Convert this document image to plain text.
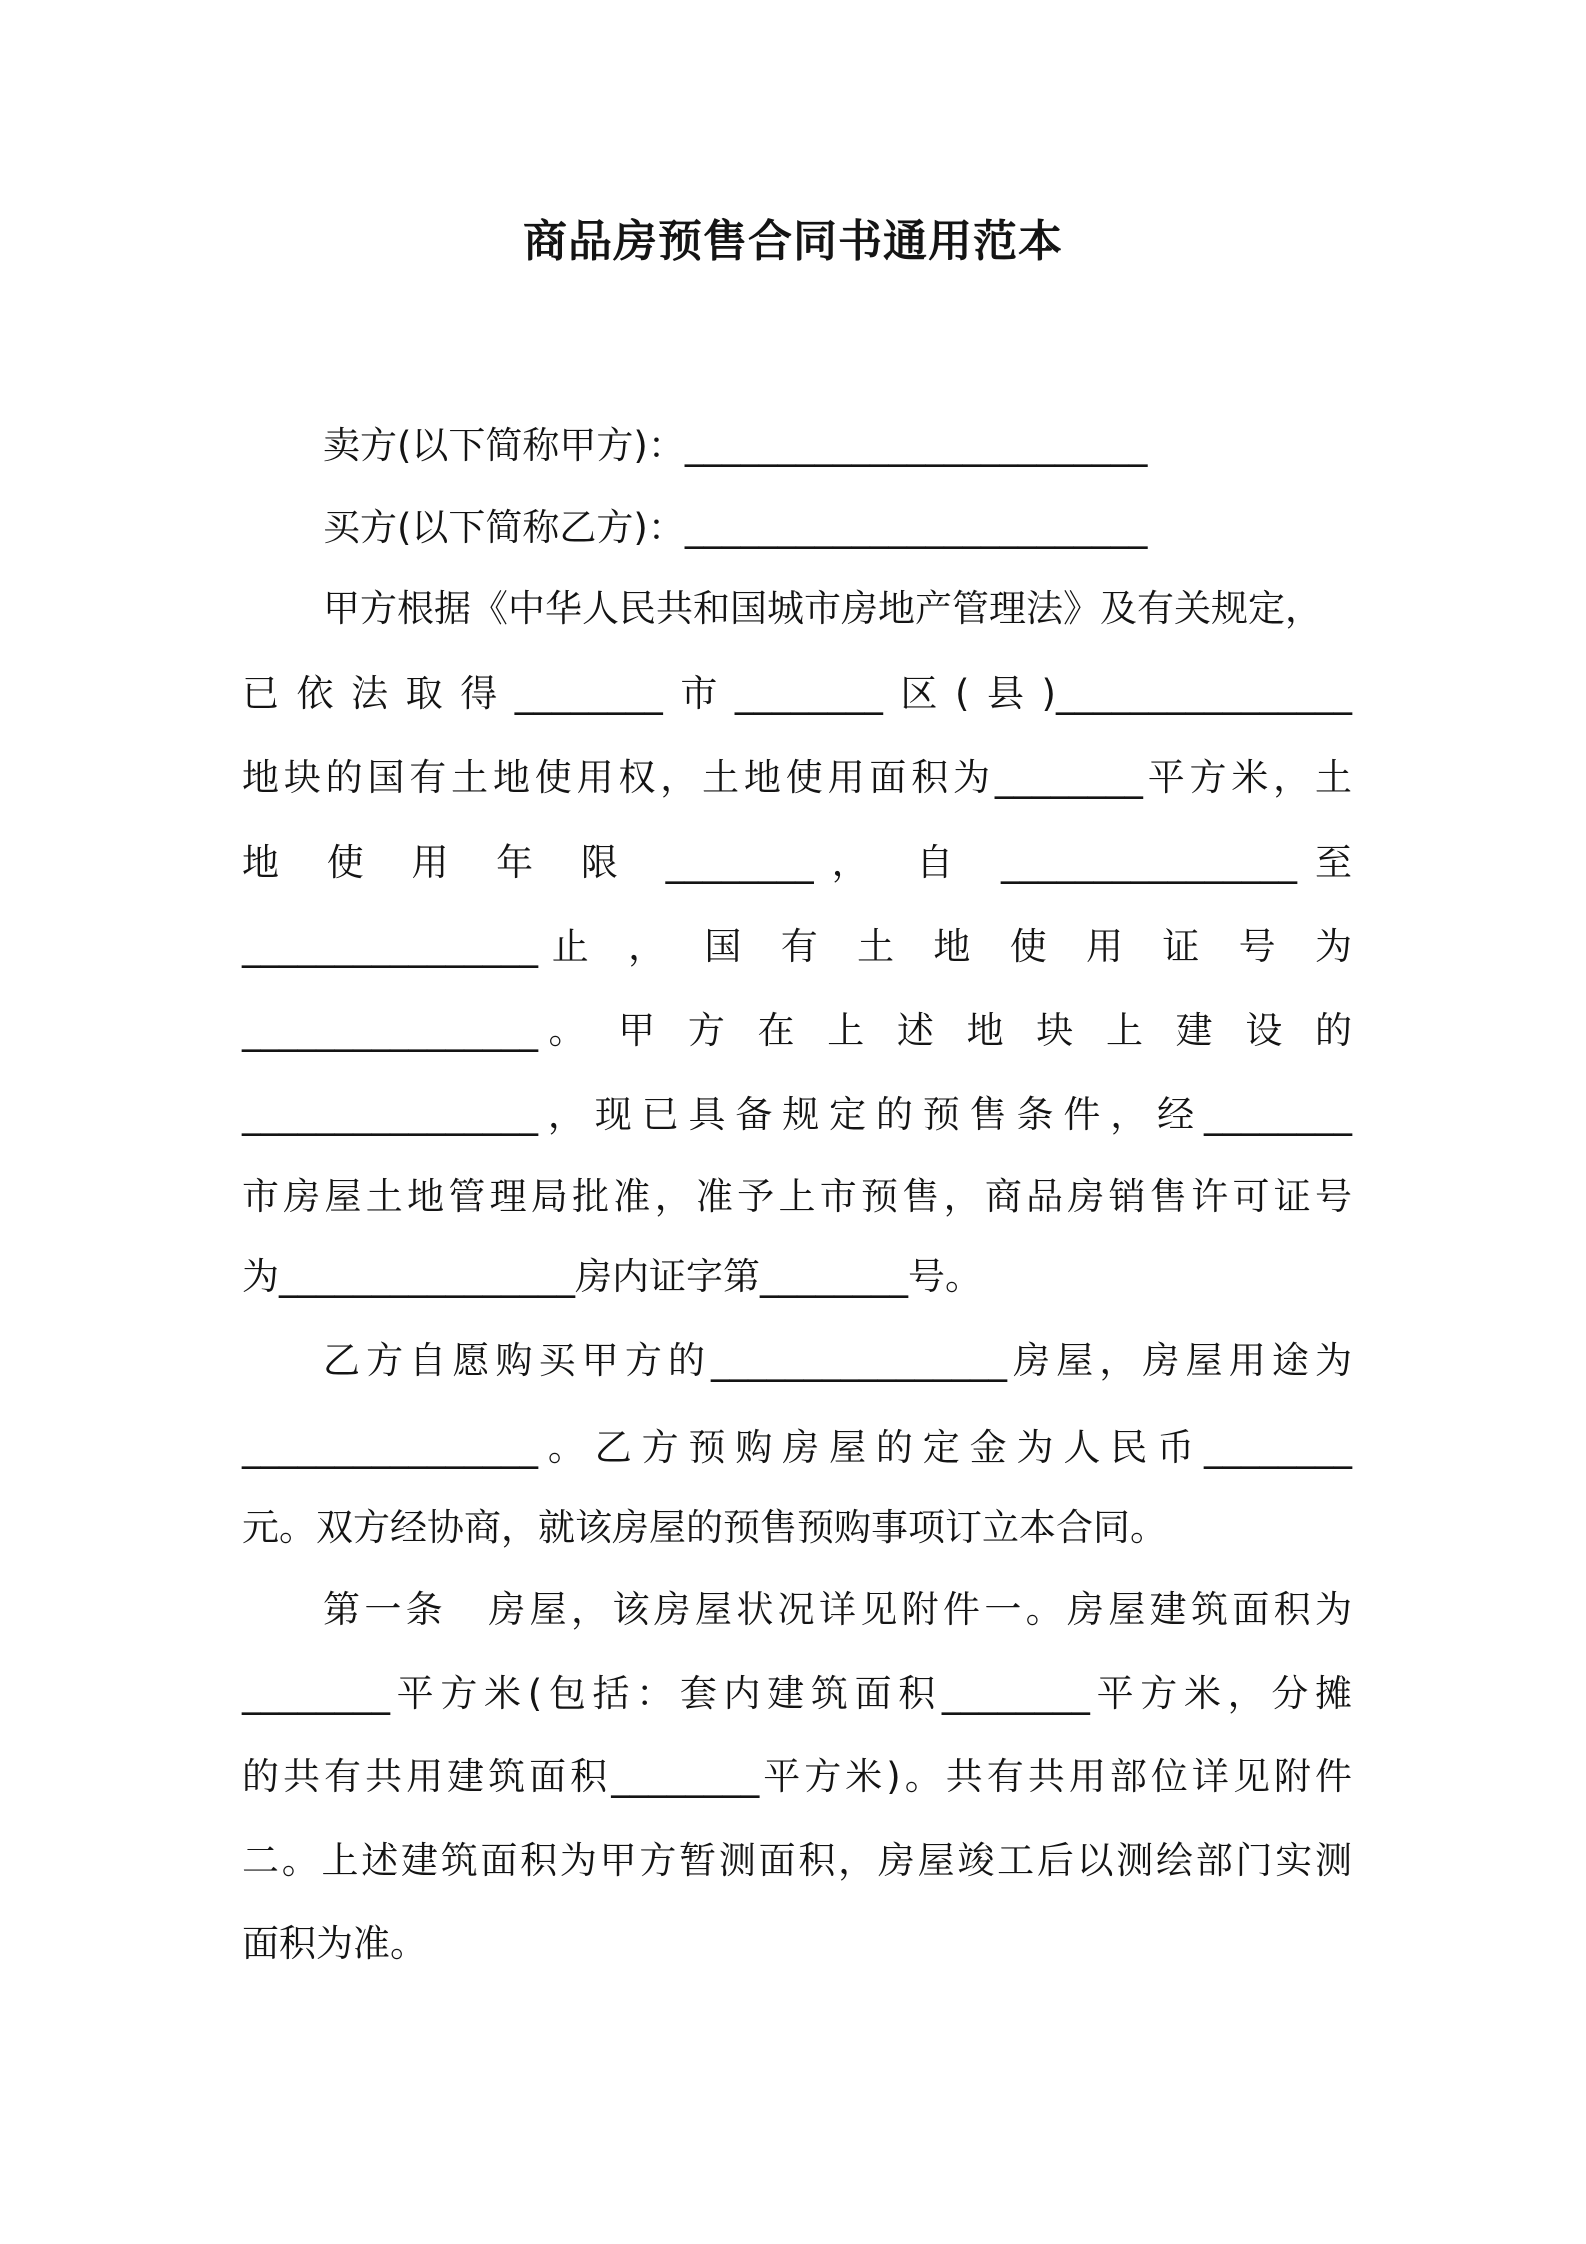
商品房预售合同书通用范本
卖方(以下简称甲方)：_________________________
买方(以下简称乙方)：_________________________
甲方根据《中华人民共和国城市房地产管理法》及有关规定，
已依法取得________市________区(县)________________
地块的国有土地使用权，土地使用面积为________平方米，土
地 使 用 年 限 ________， 自 ________________至
________________止 ， 国 有 土 地 使 用 证 号 为
________________。 甲 方 在 上 述 地 块 上 建 设 的
________________，现已具备规定的预售条件，经________
市房屋土地管理局批准，准予上市预售，商品房销售许可证号
为________________房内证字第________号。
乙方自愿购买甲方的________________房屋，房屋用途为
________________。乙方预购房屋的定金为人民币________
元。双方经协商，就该房屋的预售预购事项订立本合同。
第一条　房屋，该房屋状况详见附件一。房屋建筑面积为
________平方米(包括：套内建筑面积________平方米，分摊
的共有共用建筑面积________平方米)。共有共用部位详见附件
二。上述建筑面积为甲方暂测面积，房屋竣工后以测绘部门实测
面积为准。
